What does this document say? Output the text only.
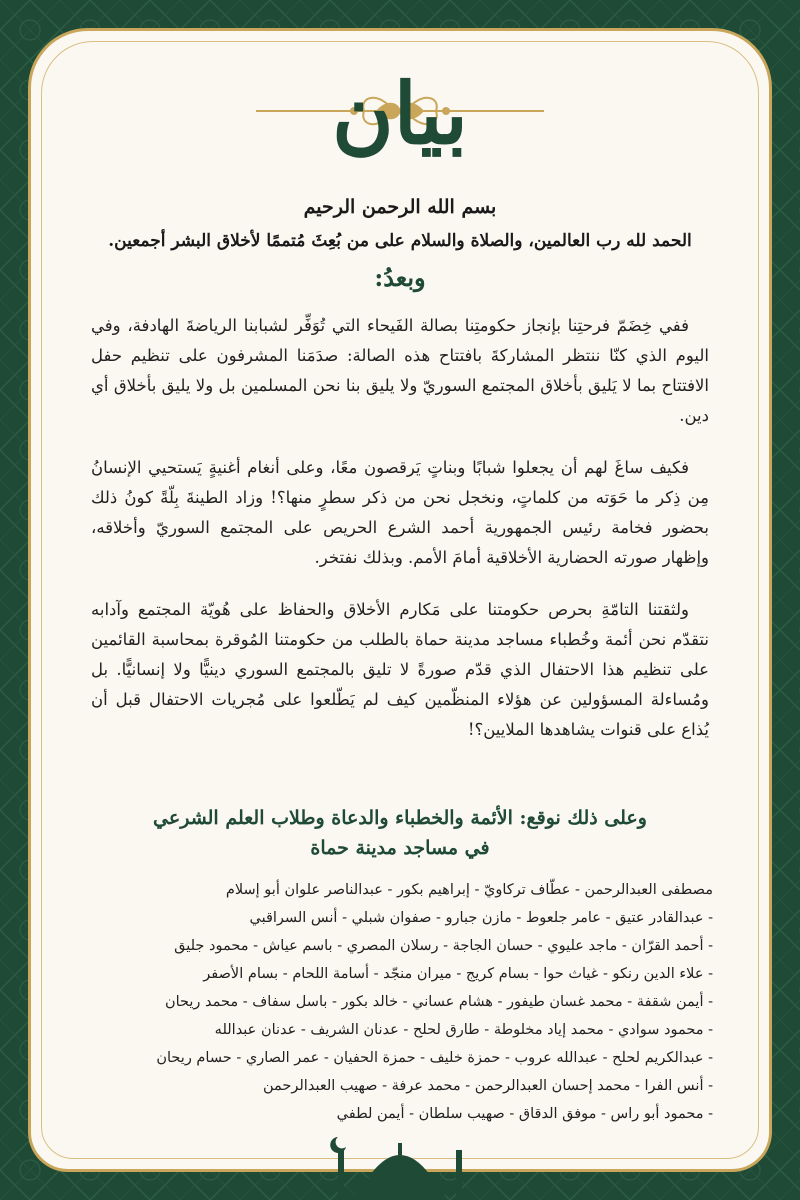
بيان
بسم الله الرحمن الرحيم
الحمد لله رب العالمين، والصلاة والسلام على من بُعِثَ مُتممًا لأخلاق البشر أجمعين.
وبعدُ:

ففي خِضَمّ فرحتِنا بإنجاز حكومتِنا بصالة الفَيحاء التي تُوَفِّر لشبابنا الرياضةَ الهادفة، وفي اليوم الذي كنّا ننتظر المشاركةَ بافتتاح هذه الصالة: صدَمَنا المشرفون على تنظيم حفل الافتتاح بما لا يَليق بأخلاق المجتمع السوريّ ولا يليق بنا نحن المسلمين بل ولا يليق بأخلاق أي دين.

فكيف ساغَ لهم أن يجعلوا شبابًا وبناتٍ يَرقصون معًا، وعلى أنغام أغنيةٍ يَستحيي الإنسانُ مِن ذِكر ما حَوَته من كلماتٍ، ونخجل نحن من ذكر سطرٍ منها؟! وزاد الطينةَ بِلّةً كونُ ذلك بحضور فخامة رئيس الجمهورية أحمد الشرع الحريص على المجتمع السوريّ وأخلاقه، وإظهار صورته الحضارية الأخلاقية أمامَ الأمم. وبذلك نفتخر.

ولثقتنا التامّةِ بحرص حكومتنا على مَكارم الأخلاق والحفاظ على هُويّة المجتمع وآدابه نتقدّم نحن أئمة وخُطباء مساجد مدينة حماة بالطلب من حكومتنا المُوقرة بمحاسبة القائمين على تنظيم هذا الاحتفال الذي قدّم صورةً لا تليق بالمجتمع السوري دينيًّا ولا إنسانيًّا. بل ومُساءلة المسؤولين عن هؤلاء المنظّمين كيف لم يَطّلعوا على مُجريات الاحتفال قبل أن يُذاع على قنوات يشاهدها الملايين؟!

وعلى ذلك نوقع: الأئمة والخطباء والدعاة وطلاب العلم الشرعي
في مساجد مدينة حماة
مصطفى العبدالرحمن - عطّاف تركاويّ - إبراهيم بكور - عبدالناصر علوان أبو إسلام
- عبدالقادر عتيق - عامر جلعوط - مازن جبارو - صفوان شبلي - أنس السراقبي
- أحمد القرّان - ماجد عليوي - حسان الجاجة - رسلان المصري - باسم عياش - محمود جليق
- علاء الدين رنكو - غياث حوا - بسام كريج - ميران منجّد - أسامة اللحام - بسام الأصفر
- أيمن شقفة - محمد غسان طيفور - هشام عساني - خالد بكور - باسل سفاف - محمد ريحان
- محمود سوادي - محمد إياد مخلوطة - طارق لحلح - عدنان الشريف - عدنان عبدالله
- عبدالكريم لحلح - عبدالله عروب - حمزة خليف - حمزة الحفيان - عمر الصاري - حسام ريحان
- أنس الفرا - محمد إحسان العبدالرحمن - محمد عرفة - صهيب العبدالرحمن
- محمود أبو راس - موفق الدقاق - صهيب سلطان - أيمن لطفي
